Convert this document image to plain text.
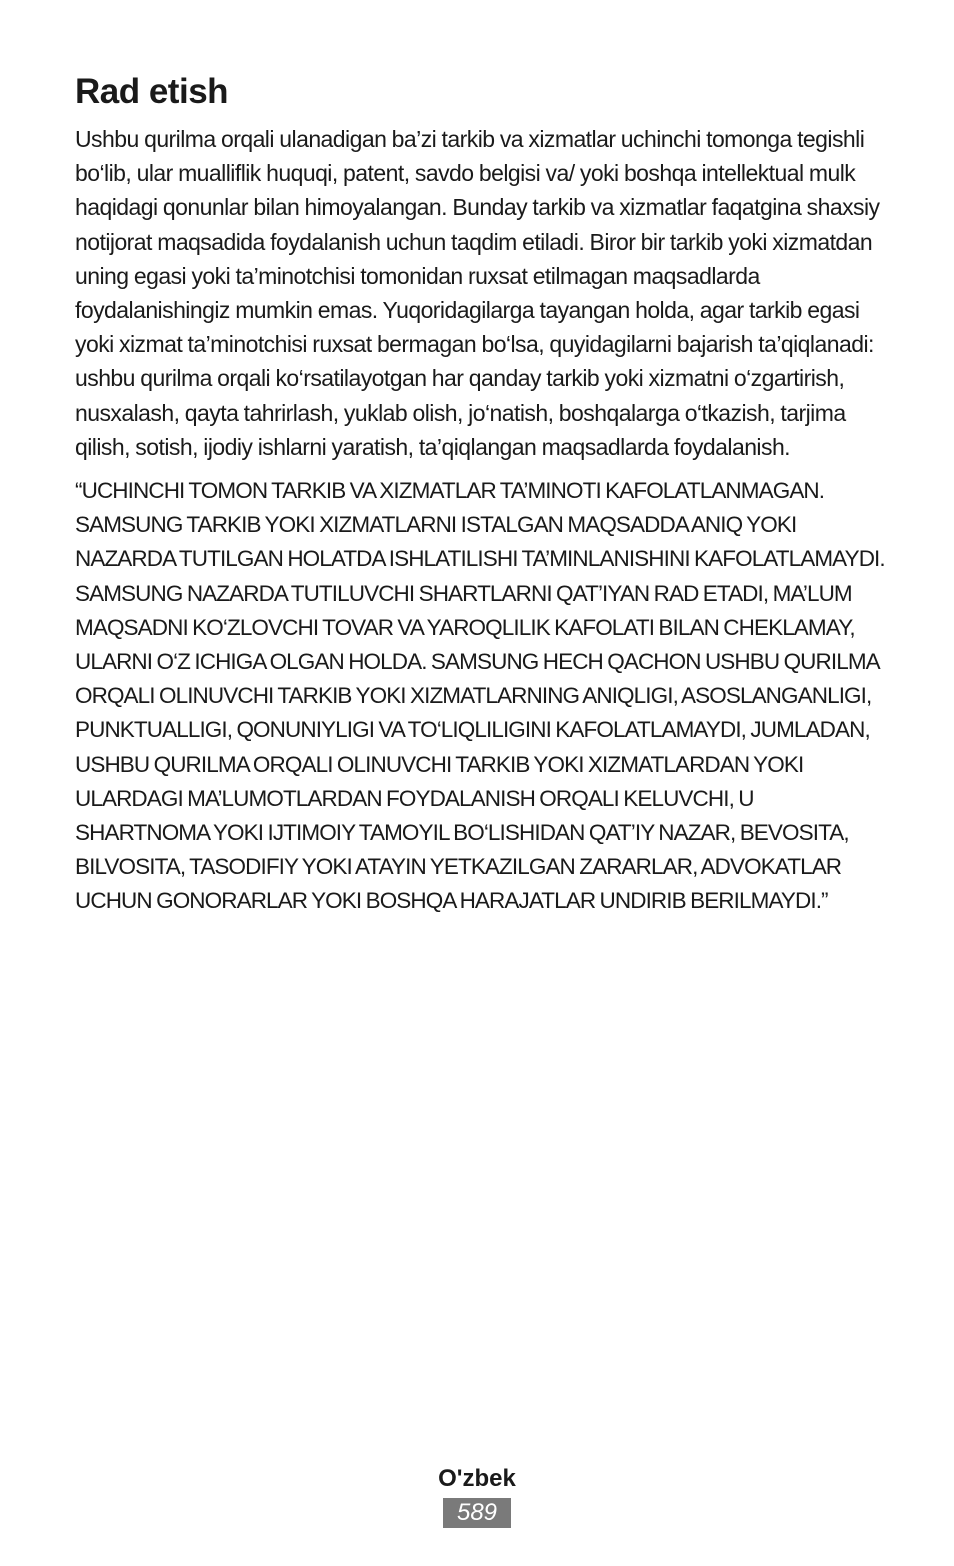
Rad etish

Ushbu qurilma orqali ulanadigan ba’zi tarkib va xizmatlar uchinchi tomonga tegishli bo‘lib, ular mualliflik huquqi, patent, savdo belgisi va/ yoki boshqa intellektual mulk haqidagi qonunlar bilan himoyalangan. Bunday tarkib va xizmatlar faqatgina shaxsiy notijorat maqsadida foydalanish uchun taqdim etiladi. Biror bir tarkib yoki xizmatdan uning egasi yoki ta’minotchisi tomonidan ruxsat etilmagan maqsadlarda foydalanishingiz mumkin emas. Yuqoridagilarga tayangan holda, agar tarkib egasi yoki xizmat ta’minotchisi ruxsat bermagan bo‘lsa, quyidagilarni bajarish ta’qiqlanadi: ushbu qurilma orqali ko‘rsatilayotgan har qanday tarkib yoki xizmatni o‘zgartirish, nusxalash, qayta tahrirlash, yuklab olish, jo‘natish, boshqalarga o‘tkazish, tarjima qilish, sotish, ijodiy ishlarni yaratish, ta’qiqlangan maqsadlarda foydalanish.

“UCHINCHI TOMON TARKIB VA XIZMATLAR TA’MINOTI KAFOLATLANMAGAN. SAMSUNG TARKIB YOKI XIZMATLARNI ISTALGAN MAQSADDA ANIQ YOKI NAZARDA TUTILGAN HOLATDA ISHLATILISHI TA’MINLANISHINI KAFOLATLAMAYDI. SAMSUNG NAZARDA TUTILUVCHI SHARTLARNI QAT’IYAN RAD ETADI, MA’LUM MAQSADNI KO‘ZLOVCHI TOVAR VA YAROQLILIK KAFOLATI BILAN CHEKLAMAY, ULARNI O‘Z ICHIGA OLGAN HOLDA. SAMSUNG HECH QACHON USHBU QURILMA ORQALI OLINUVCHI TARKIB YOKI XIZMATLARNING ANIQLIGI, ASOSLANGANLIGI, PUNKTUALLIGI, QONUNIYLIGI VA TO‘LIQLILIGINI KAFOLATLAMAYDI, JUMLADAN, USHBU QURILMA ORQALI OLINUVCHI TARKIB YOKI XIZMATLARDAN YOKI ULARDAGI MA’LUMOTLARDAN FOYDALANISH ORQALI KELUVCHI, U SHARTNOMA YOKI IJTIMOIY TAMOYIL BO‘LISHIDAN QAT’IY NAZAR, BEVOSITA, BILVOSITA, TASODIFIY YOKI ATAYIN YETKAZILGAN ZARARLAR, ADVOKATLAR UCHUN GONORARLAR YOKI BOSHQA HARAJATLAR UNDIRIB BERILMAYDI.”

O'zbek
589
